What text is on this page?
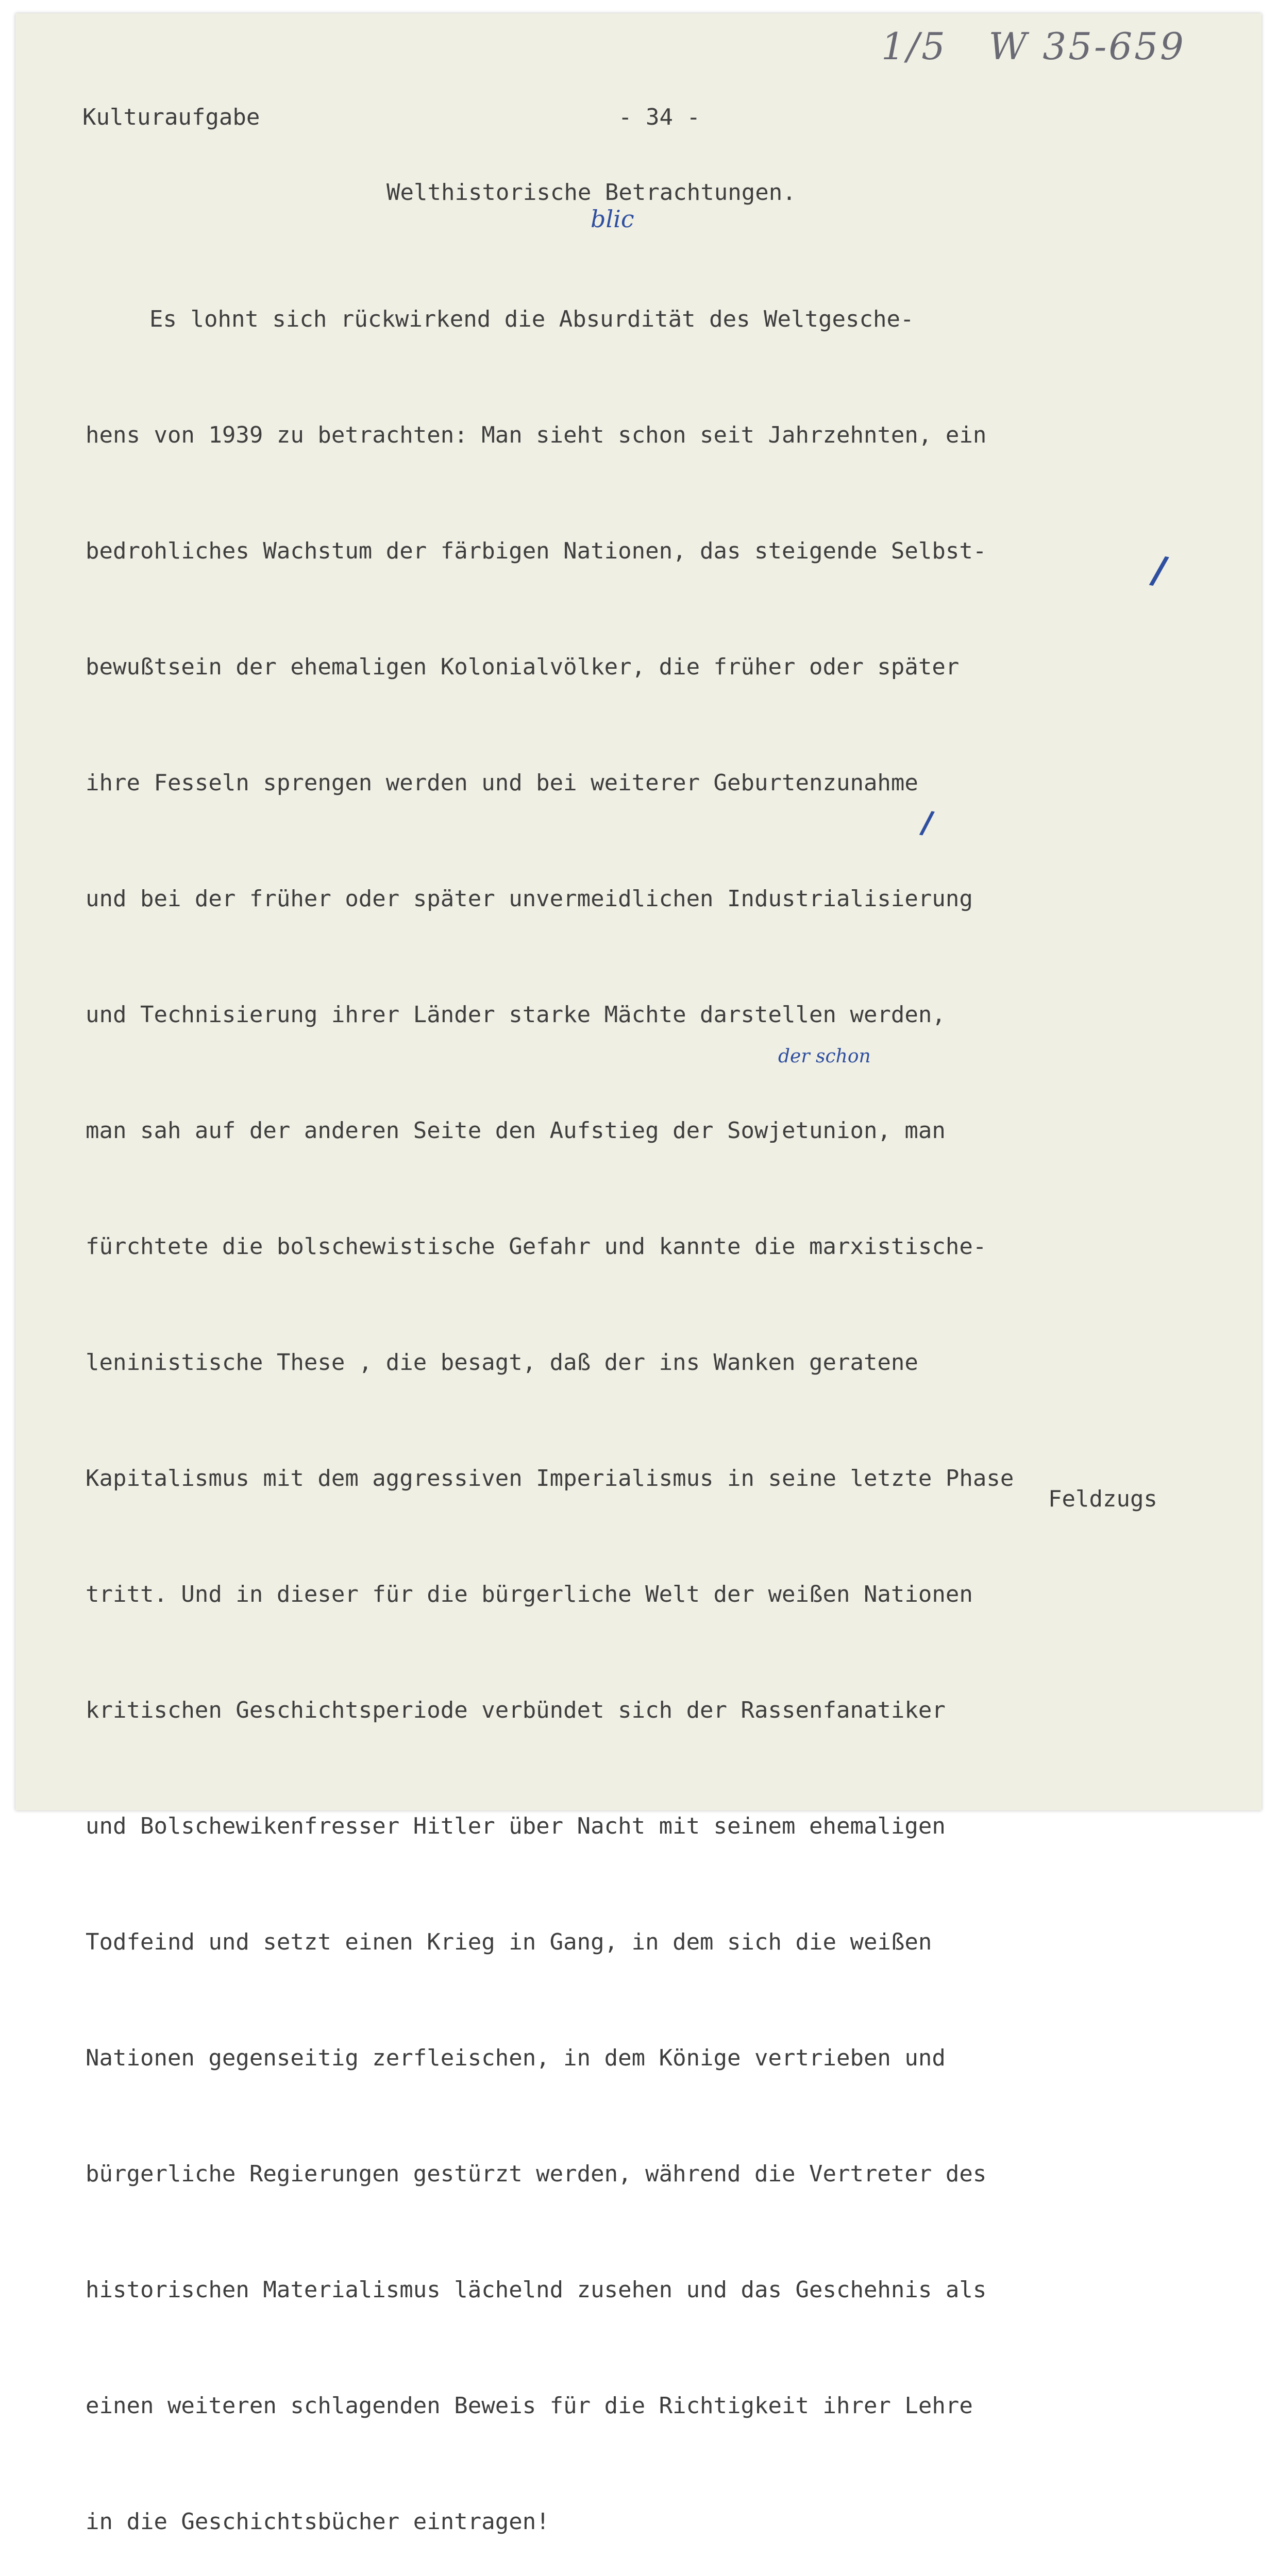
1/5   W 35-659
Kulturaufgabe	- 34 -
Welthistorische Betrachtungen.

Es lohnt sich rückwirkend die Absurdität des Weltgesche-

hens von 1939 zu betrachten: Man sieht schon seit Jahrzehnten, ein

bedrohliches Wachstum der färbigen Nationen, das steigende Selbst-

bewußtsein der ehemaligen Kolonialvölker, die früher oder später

ihre Fesseln sprengen werden und bei weiterer Geburtenzunahme

und bei der früher oder später unvermeidlichen Industrialisierung

und Technisierung ihrer Länder starke Mächte darstellen werden,

man sah auf der anderen Seite den Aufstieg der Sowjetunion, man

fürchtete die bolschewistische Gefahr und kannte die marxistische-

leninistische These , die besagt, daß der ins Wanken geratene

Kapitalismus mit dem aggressiven Imperialismus in seine letzte Phase

tritt. Und in dieser für die bürgerliche Welt der weißen Nationen

kritischen Geschichtsperiode verbündet sich der Rassenfanatiker

und Bolschewikenfresser Hitler über Nacht mit seinem ehemaligen

Todfeind und setzt einen Krieg in Gang, in dem sich die weißen

Nationen gegenseitig zerfleischen, in dem Könige vertrieben und

bürgerliche Regierungen gestürzt werden, während die Vertreter des

historischen Materialismus lächelnd zusehen und das Geschehnis als

einen weiteren schlagenden Beweis für die Richtigkeit ihrer Lehre

in die Geschichtsbücher eintragen!

blic
der schon
/
/
Feldzugs
